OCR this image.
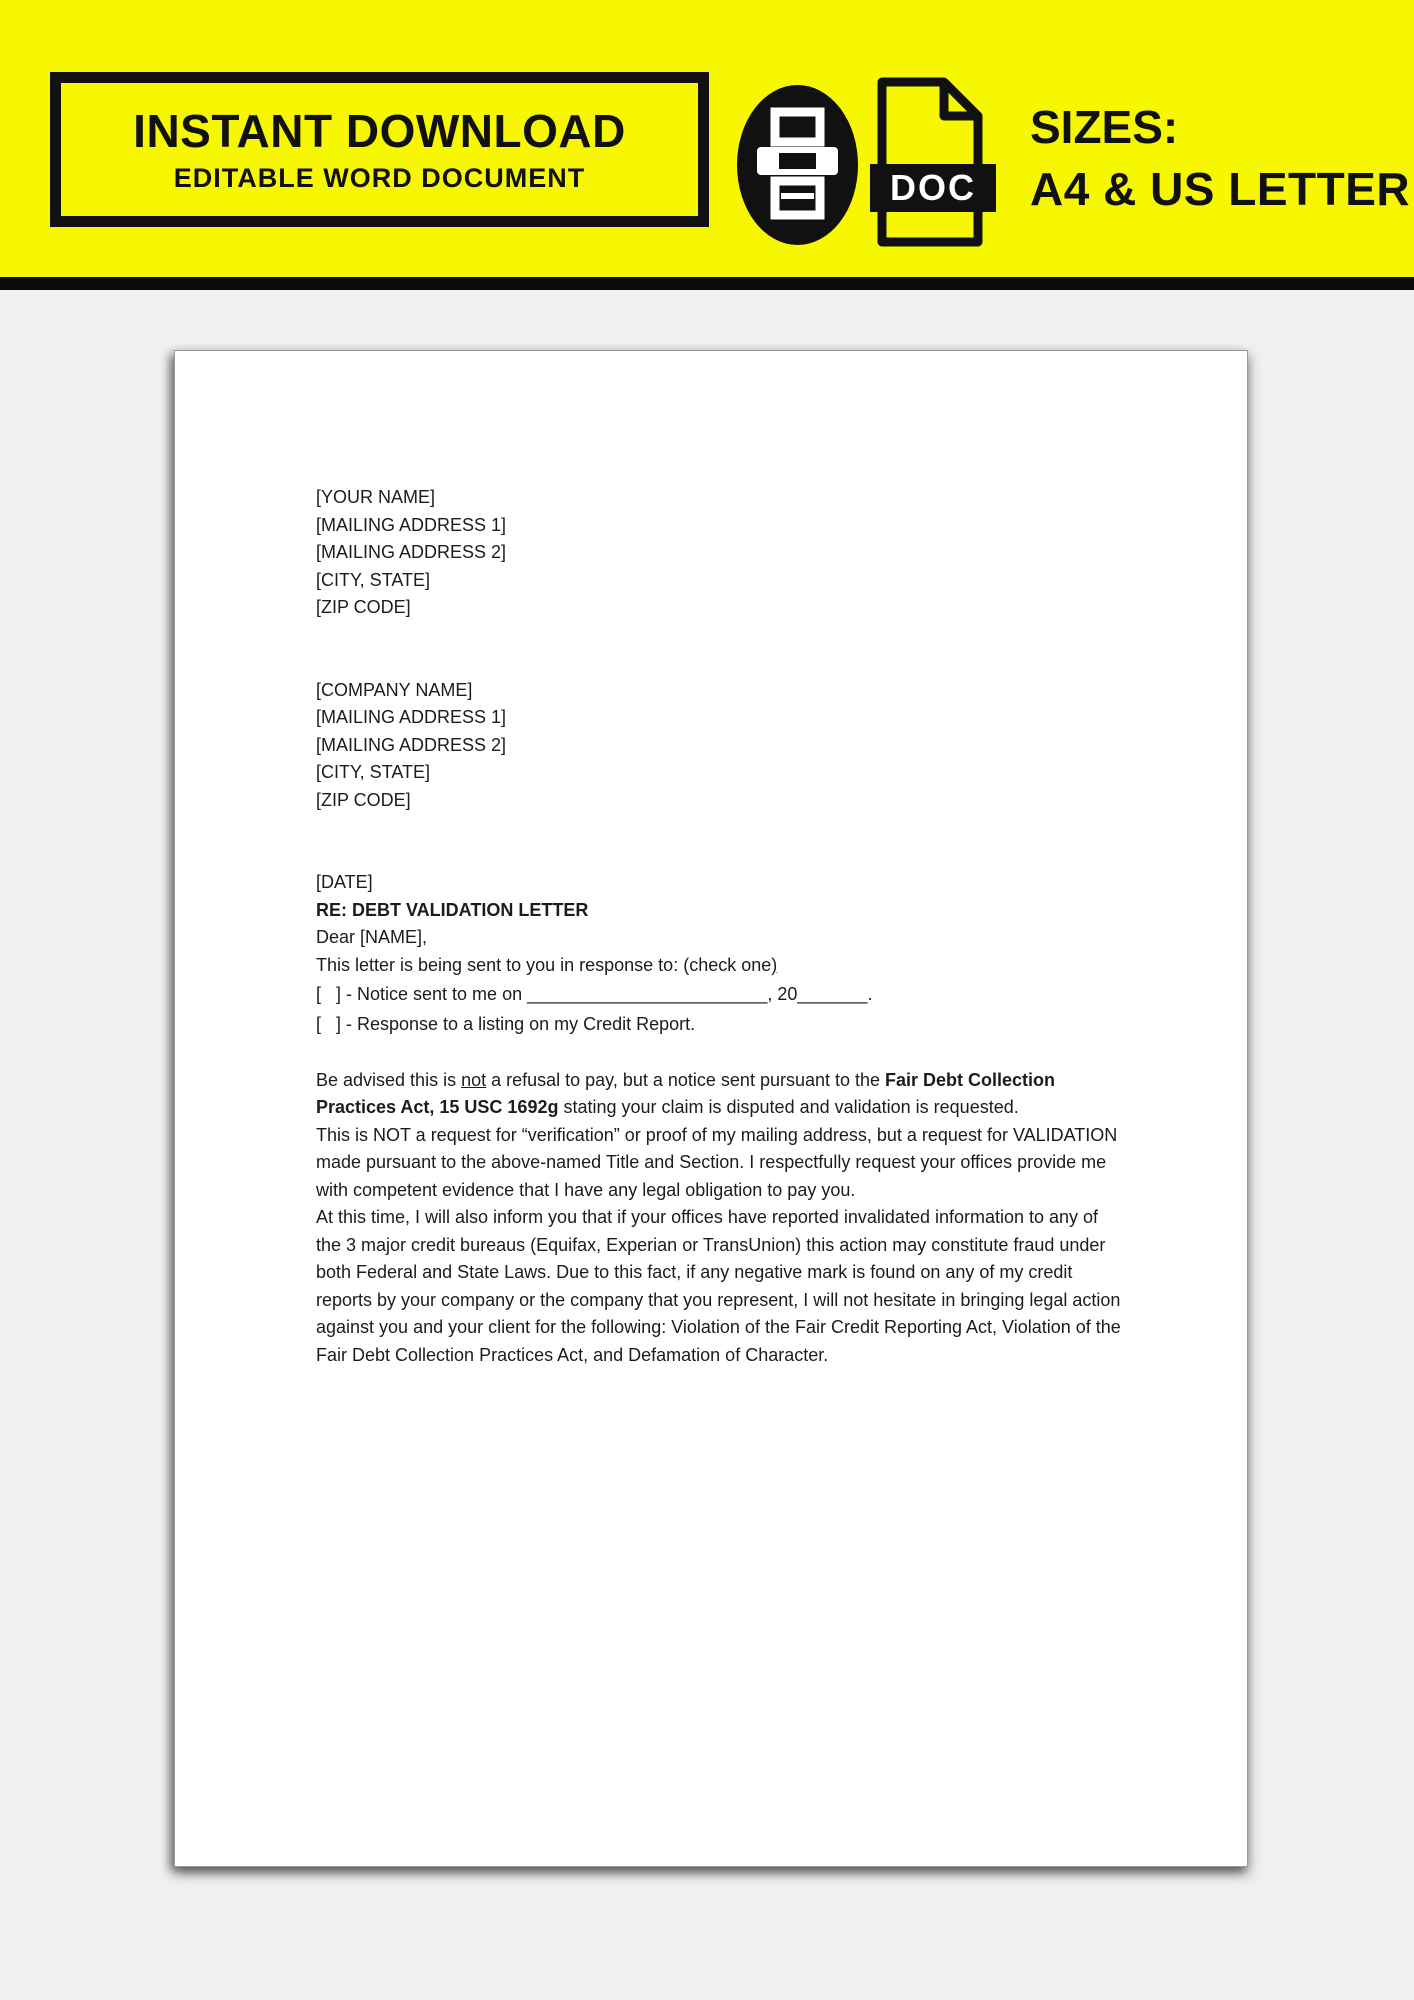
INSTANT DOWNLOAD
EDITABLE WORD DOCUMENT	DOC
SIZES:
A4 & US LETTER
[YOUR NAME]
[MAILING ADDRESS 1]
[MAILING ADDRESS 2]
[CITY, STATE]
[ZIP CODE]
[COMPANY NAME]
[MAILING ADDRESS 1]
[MAILING ADDRESS 2]
[CITY, STATE]
[ZIP CODE]

[DATE]

RE: DEBT VALIDATION LETTER

Dear [NAME],

This letter is being sent to you in response to: (check one)

[   ] - Notice sent to me on ________________________, 20_______.
[   ] - Response to a listing on my Credit Report.

Be advised this is not a refusal to pay, but a notice sent pursuant to the Fair Debt Collection Practices Act, 15 USC 1692g stating your claim is disputed and validation is requested.

This is NOT a request for “verification” or proof of my mailing address, but a request for VALIDATION made pursuant to the above-named Title and Section. I respectfully request your offices provide me with competent evidence that I have any legal obligation to pay you.

At this time, I will also inform you that if your offices have reported invalidated information to any of the 3 major credit bureaus (Equifax, Experian or TransUnion) this action may constitute fraud under both Federal and State Laws. Due to this fact, if any negative mark is found on any of my credit reports by your company or the company that you represent, I will not hesitate in bringing legal action against you and your client for the following: Violation of the Fair Credit Reporting Act, Violation of the Fair Debt Collection Practices Act, and Defamation of Character.
